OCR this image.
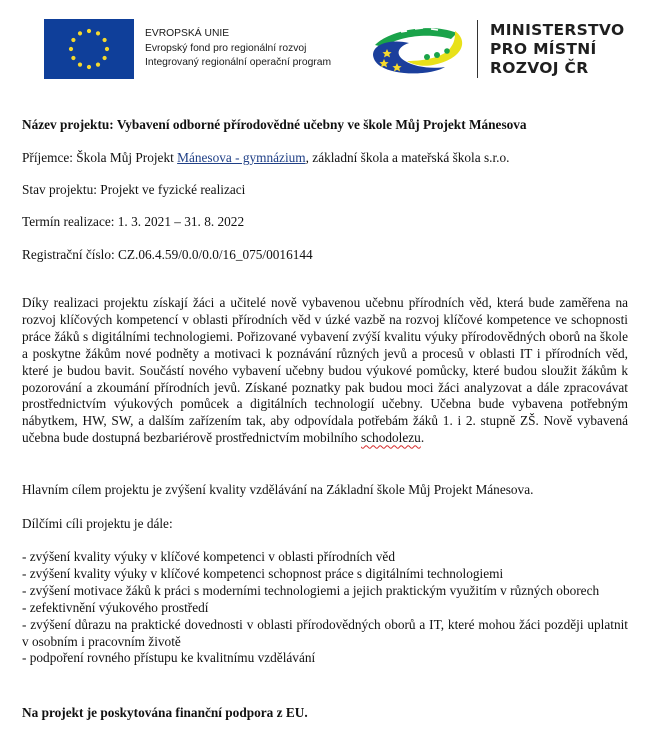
EVROPSKÁ UNIE
Evropský fond pro regionální rozvoj
Integrovaný regionální operační program
MINISTERSTVO
PRO MÍSTNÍ
ROZVOJ ČR
Název projektu: Vybavení odborné přírodovědné učebny ve škole Můj Projekt Mánesova
Příjemce: Škola Můj Projekt Mánesova - gymnázium, základní škola a mateřská škola s.r.o.
Stav projektu: Projekt ve fyzické realizaci
Termín realizace: 1. 3. 2021 – 31. 8. 2022
Registrační číslo: CZ.06.4.59/0.0/0.0/16_075/0016144
Díky realizaci projektu získají žáci a učitelé nově vybavenou učebnu přírodních věd, která bude zaměřena na rozvoj klíčových kompetencí v oblasti přírodních věd v úzké vazbě na rozvoj klíčové kompetence ve schopnosti práce žáků s digitálními technologiemi. Pořizované vybavení zvýší kvalitu výuky přírodovědných oborů na škole a poskytne žákům nové podněty a motivaci k poznávání různých jevů a procesů v oblasti IT i přírodních věd, které je budou bavit. Součástí nového vybavení učebny budou výukové pomůcky, které budou sloužit žákům k pozorování a zkoumání přírodních jevů. Získané poznatky pak budou moci žáci analyzovat a dále zpracovávat prostřednictvím výukových pomůcek a digitálních technologií učebny. Učebna bude vybavena potřebným nábytkem, HW, SW, a dalším zařízením tak, aby odpovídala potřebám žáků 1. i 2. stupně ZŠ. Nově vybavená učebna bude dostupná bezbariérově prostřednictvím mobilního schodolezu.
Hlavním cílem projektu je zvýšení kvality vzdělávání na Základní škole Můj Projekt Mánesova.
Dílčími cíli projektu je dále:
- zvýšení kvality výuky v klíčové kompetenci v oblasti přírodních věd
- zvýšení kvality výuky v klíčové kompetenci schopnost práce s digitálními technologiemi
- zvýšení motivace žáků k práci s moderními technologiemi a jejich praktickým využitím v různých oborech
- zefektivnění výukového prostředí
- zvýšení důrazu na praktické dovednosti v oblasti přírodovědných oborů a IT, které mohou žáci později uplatnit v osobním i pracovním životě
- podpoření rovného přístupu ke kvalitnímu vzdělávání
Na projekt je poskytována finanční podpora z EU.
